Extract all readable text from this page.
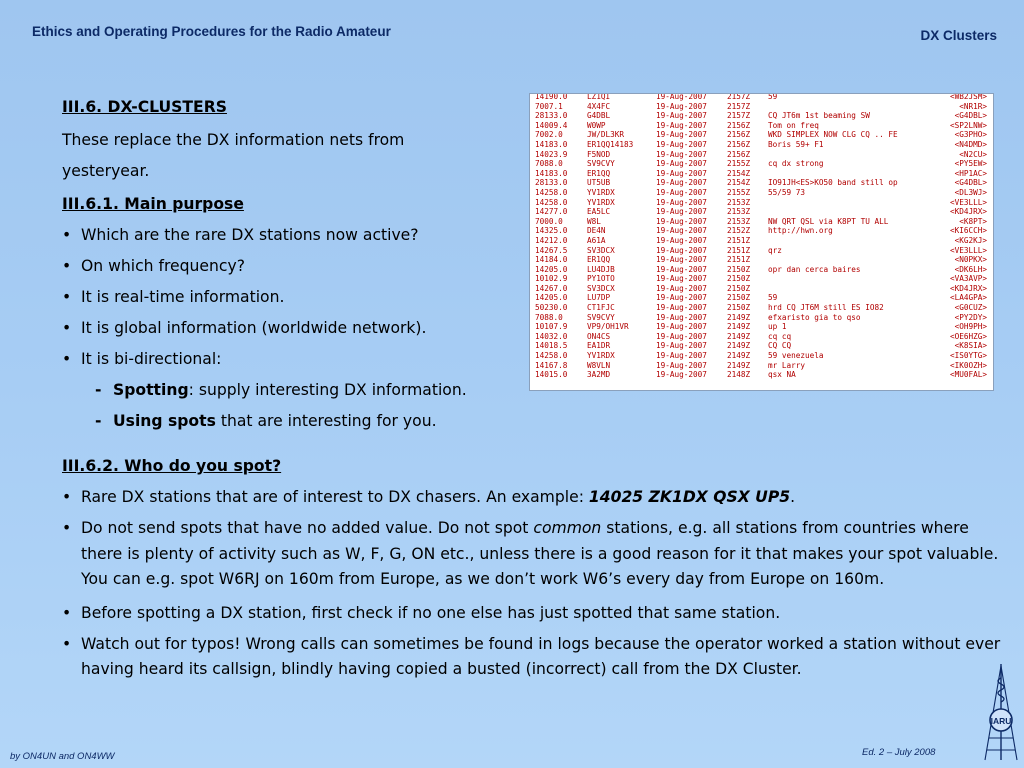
Ethics and Operating Procedures for the Radio Amateur	DX Clusters
14190.0	LZ1QI	19-Aug-2007	2157Z 59	<WB2JSM>
7007.1	4X4FC	19-Aug-2007	2157Z	<NR1R>
28133.0	G4DBL	19-Aug-2007	2157Z CQ JT6m 1st beaming SW	<G4DBL>
14009.4	W0WP	19-Aug-2007	2156Z Tom on freq	<SP2LNW>
7002.0	JW/DL3KR	19-Aug-2007	2156Z WKD SIMPLEX NOW CLG CQ .. FE	<G3PHO>
14183.0	ER1QQ14183	19-Aug-2007	2156Z Boris 59+ F1	<N4DMD>
14023.9	F5NOD	19-Aug-2007	2156Z	<N2CU>
7088.0	SV9CVY	19-Aug-2007	2155Z cq dx strong	<PY5EW>
14183.0	ER1QQ	19-Aug-2007	2154Z	<HP1AC>
28133.0	UT5UB	19-Aug-2007	2154Z IO91JH<ES>KO50 band still op	<G4DBL>
14258.0	YV1RDX	19-Aug-2007	2155Z 55/59 73	<DL3WJ>
14258.0	YV1RDX	19-Aug-2007	2153Z	<VE3LLL>
14277.0	EA5LC	19-Aug-2007	2153Z	<KD4JRX>
7000.0	W8L	19-Aug-2007	2153Z NW QRT QSL via K8PT TU ALL	<K8PT>
14325.0	DE4N	19-Aug-2007	2152Z http://hwn.org	<KI6CCH>
14212.0	A61A	19-Aug-2007	2151Z	<KG2KJ>
14267.5	SV3DCX	19-Aug-2007	2151Z qrz	<VE3LLL>
14184.0	ER1QQ	19-Aug-2007	2151Z	<N0PKX>
14205.0	LU4DJB	19-Aug-2007	2150Z opr dan cerca baires	<DK6LH>
10102.9	PY1OTO	19-Aug-2007	2150Z	<VA3AVP>
14267.0	SV3DCX	19-Aug-2007	2150Z	<KD4JRX>
14205.0	LU7DP	19-Aug-2007	2150Z 59	<LA4GPA>
50230.0	CT1FJC	19-Aug-2007	2150Z hrd CQ JT6M still ES IO82	<G0CUZ>
7088.0	SV9CVY	19-Aug-2007	2149Z efxaristo gia to qso	<PY2DY>
10107.9	VP9/OH1VR	19-Aug-2007	2149Z up 1	<OH9PH>
14032.0	ON4CS	19-Aug-2007	2149Z cq cq	<OE6HZG>
14018.5	EA1DR	19-Aug-2007	2149Z CQ CQ	<K8SIA>
14258.0	YV1RDX	19-Aug-2007	2149Z 59 venezuela	<IS0YTG>
14167.8	W8VLN	19-Aug-2007	2149Z mr Larry	<IK0OZH>
14015.0	3A2MD	19-Aug-2007	2148Z qsx NA	<MU0FAL>

III.6. DX-CLUSTERS

These replace the DX information nets from yesteryear.

III.6.1. Main purpose

• Which are the rare DX stations now active?

• On which frequency?

• It is real-time information.

• It is global information (worldwide network).

• It is bi-directional:

- Spotting: supply interesting DX information.

- Using spots that are interesting for you.

III.6.2. Who do you spot?

• Rare DX stations that are of interest to DX chasers. An example: 14025 ZK1DX QSX UP5.

• Do not send spots that have no added value. Do not spot common stations, e.g. all stations from countries where there is plenty of activity such as W, F, G, ON etc., unless there is a good reason for it that makes your spot valuable. You can e.g. spot W6RJ on 160m from Europe, as we don’t work W6’s every day from Europe on 160m.

• Before spotting a DX station, first check if no one else has just spotted that same station.

• Watch out for typos! Wrong calls can sometimes be found in logs because the operator worked a station without ever having heard its callsign, blindly having copied a busted (incorrect) call from the DX Cluster.

by ON4UN and ON4WW	Ed. 2 – July 2008
IARU
